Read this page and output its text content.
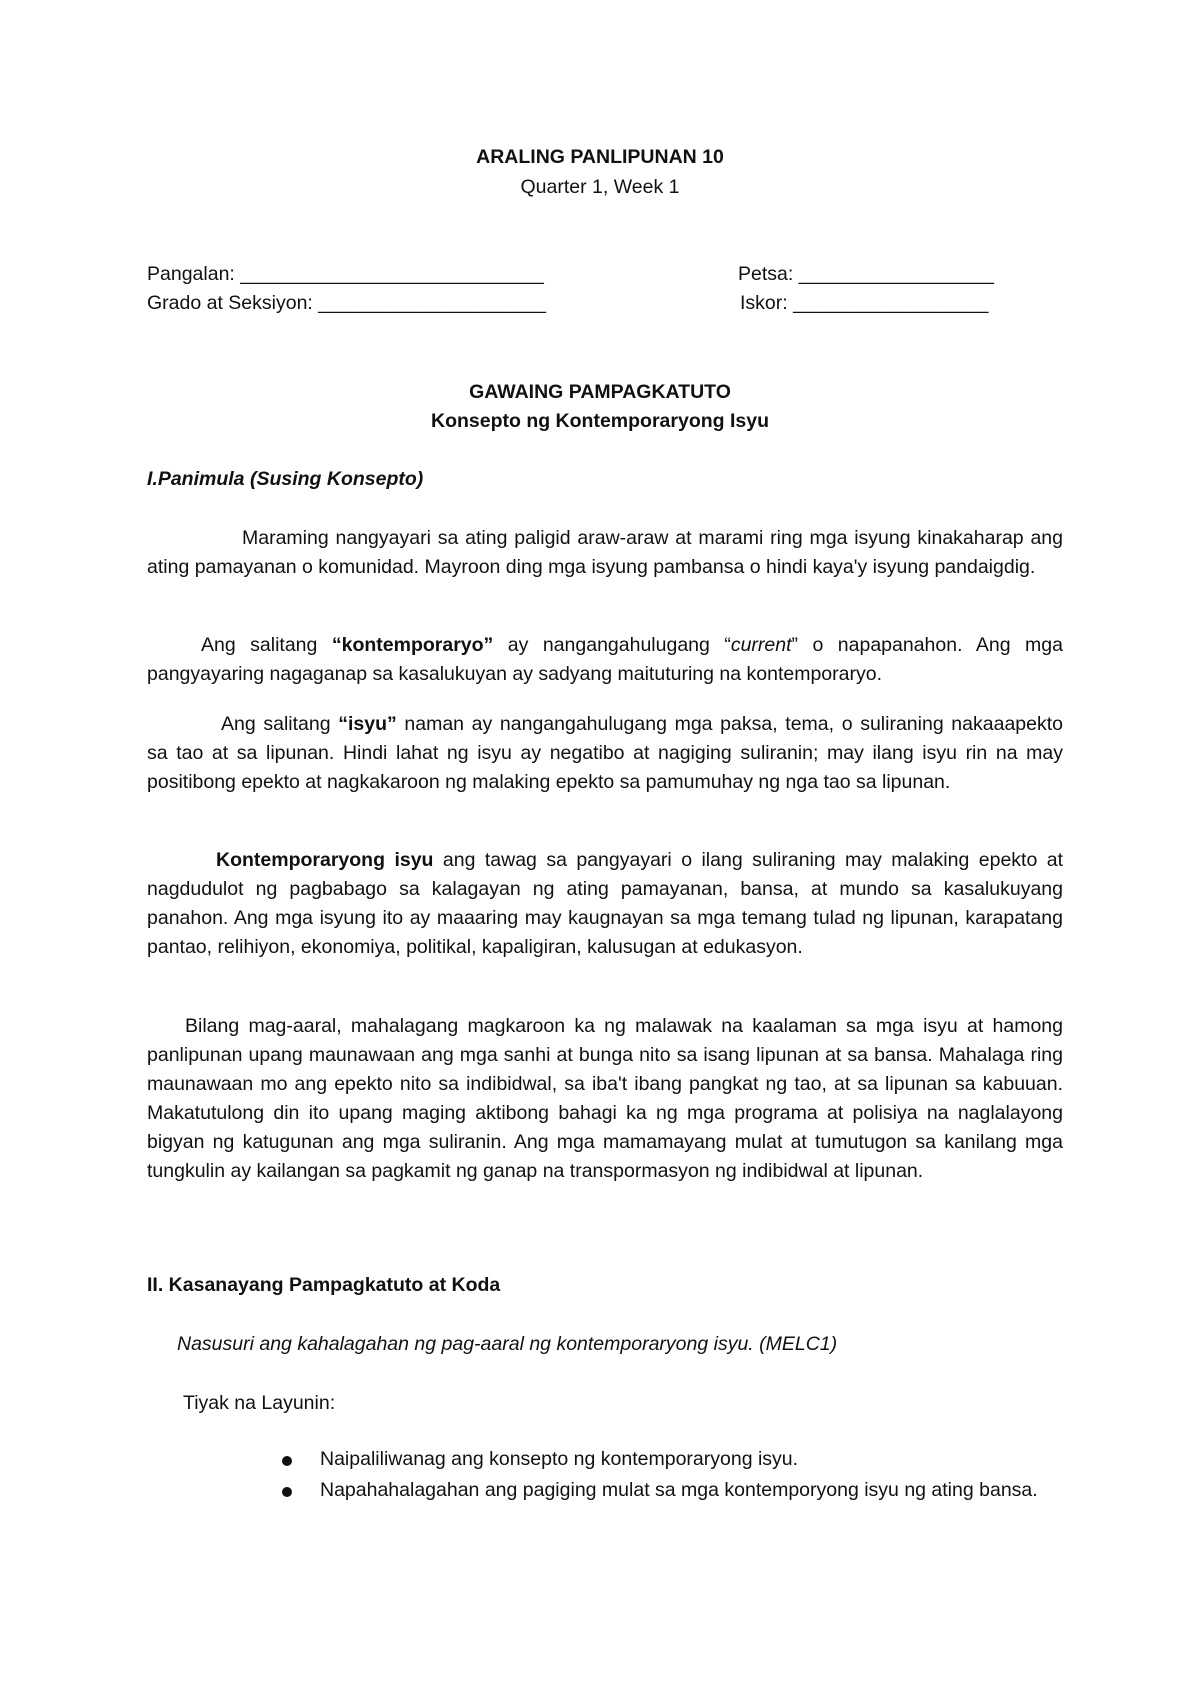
ARALING PANLIPUNAN 10
Quarter 1, Week 1
Pangalan: ____________________________	Petsa: __________________
Grado at Seksiyon: _____________________	Iskor: __________________
GAWAING PAMPAGKATUTO
Konsepto ng Kontemporaryong Isyu
I.Panimula (Susing Konsepto)
Maraming nangyayari sa ating paligid araw-araw at marami ring mga isyung kinakaharap ang ating pamayanan o komunidad. Mayroon ding mga isyung pambansa o hindi kaya'y isyung pandaigdig.
Ang salitang “kontemporaryo” ay nangangahulugang “current” o napapanahon. Ang mga pangyayaring nagaganap sa kasalukuyan ay sadyang maituturing na kontemporaryo.
Ang salitang “isyu” naman ay nangangahulugang mga paksa, tema, o suliraning nakaaapekto sa tao at sa lipunan. Hindi lahat ng isyu ay negatibo at nagiging suliranin; may ilang isyu rin na may positibong epekto at nagkakaroon ng malaking epekto sa pamumuhay ng nga tao sa lipunan.
Kontemporaryong isyu ang tawag sa pangyayari o ilang suliraning may malaking epekto at nagdudulot ng pagbabago sa kalagayan ng ating pamayanan, bansa, at mundo sa kasalukuyang panahon. Ang mga isyung ito ay maaaring may kaugnayan sa mga temang tulad ng lipunan, karapatang pantao, relihiyon, ekonomiya, politikal, kapaligiran, kalusugan at edukasyon.
Bilang mag-aaral, mahalagang magkaroon ka ng malawak na kaalaman sa mga isyu at hamong panlipunan upang maunawaan ang mga sanhi at bunga nito sa isang lipunan at sa bansa. Mahalaga ring maunawaan mo ang epekto nito sa indibidwal, sa iba't ibang pangkat ng tao, at sa lipunan sa kabuuan. Makatutulong din ito upang maging aktibong bahagi ka ng mga programa at polisiya na naglalayong bigyan ng katugunan ang mga suliranin. Ang mga mamamayang mulat at tumutugon sa kanilang mga tungkulin ay kailangan sa pagkamit ng ganap na transpormasyon ng indibidwal at lipunan.
II. Kasanayang Pampagkatuto at Koda
Nasusuri ang kahalagahan ng pag-aaral ng kontemporaryong isyu. (MELC1)
Tiyak na Layunin:
Naipaliliwanag ang konsepto ng kontemporaryong isyu.
Napahahalagahan ang pagiging mulat sa mga kontemporyong isyu ng ating bansa.
